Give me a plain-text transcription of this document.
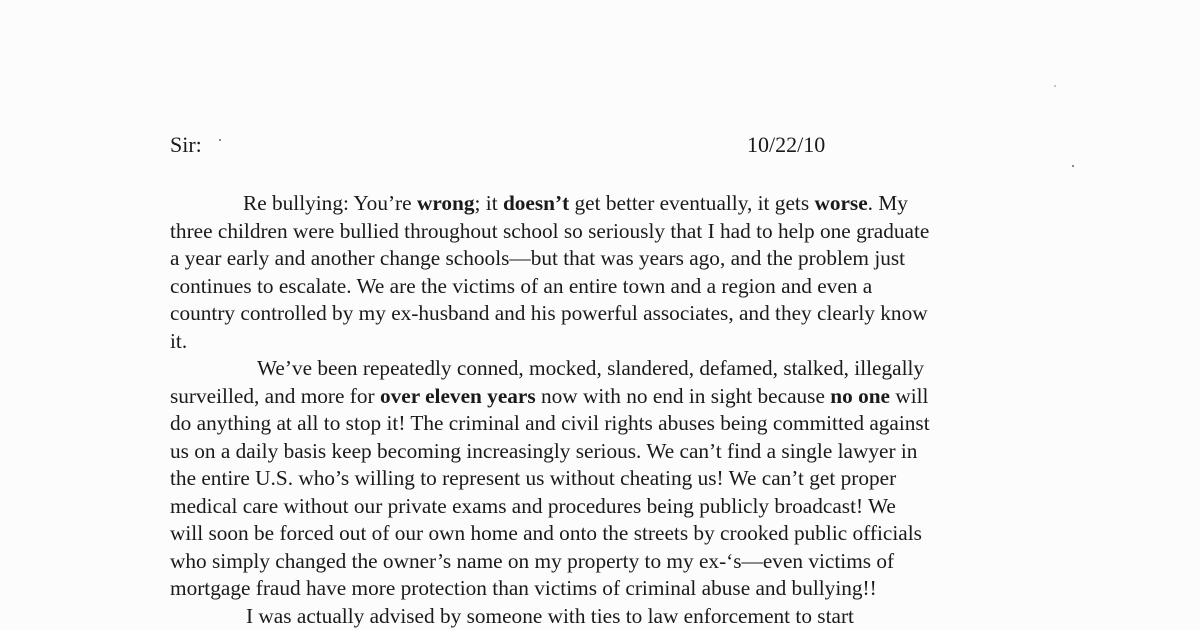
Sir:	10/22/10
Re bullying: You’re wrong; it doesn’t get better eventually, it gets worse. My
three children were bullied throughout school so seriously that I had to help one graduate
a year early and another change schools—but that was years ago, and the problem just
continues to escalate. We are the victims of an entire town and a region and even a
country controlled by my ex-husband and his powerful associates, and they clearly know
it.
We’ve been repeatedly conned, mocked, slandered, defamed, stalked, illegally
surveilled, and more for over eleven years now with no end in sight because no one will
do anything at all to stop it! The criminal and civil rights abuses being committed against
us on a daily basis keep becoming increasingly serious. We can’t find a single lawyer in
the entire U.S. who’s willing to represent us without cheating us! We can’t get proper
medical care without our private exams and procedures being publicly broadcast! We
will soon be forced out of our own home and onto the streets by crooked public officials
who simply changed the owner’s name on my property to my ex-‘s—even victims of
mortgage fraud have more protection than victims of criminal abuse and bullying!!
I was actually advised by someone with ties to law enforcement to start
